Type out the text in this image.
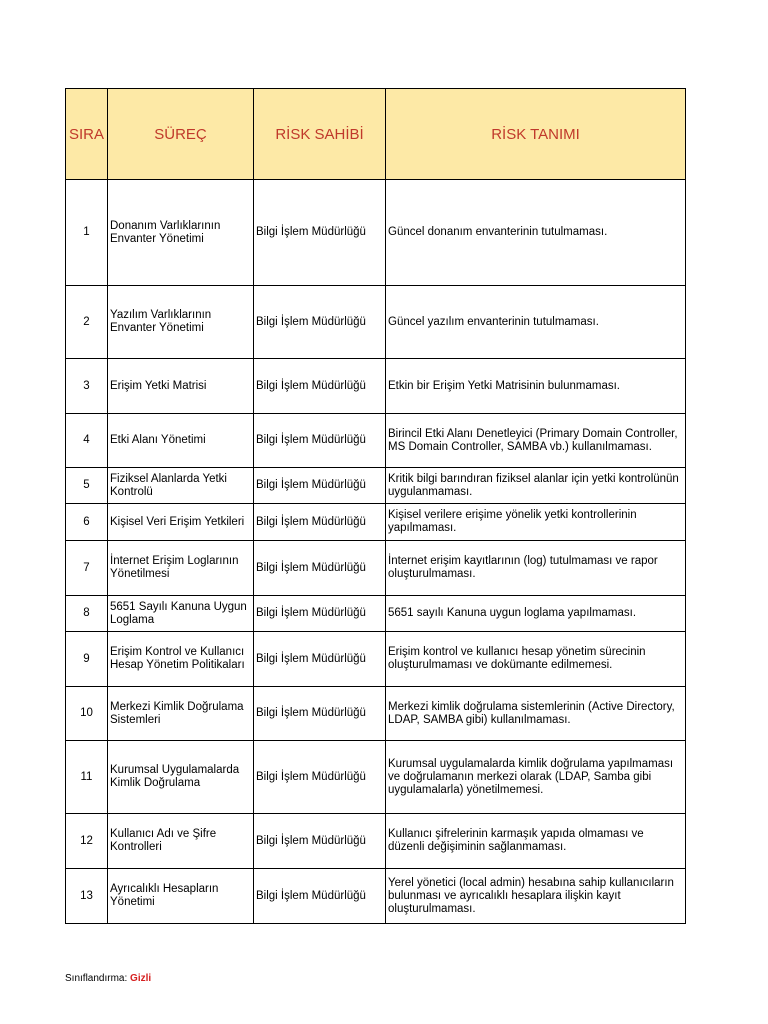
SIRA	SÜREÇ	RİSK SAHİBİ	RİSK TANIMI
1	Donanım Varlıklarının Envanter Yönetimi	Bilgi İşlem Müdürlüğü	Güncel donanım envanterinin tutulmaması.
2	Yazılım Varlıklarının Envanter Yönetimi	Bilgi İşlem Müdürlüğü	Güncel yazılım envanterinin tutulmaması.
3	Erişim Yetki Matrisi	Bilgi İşlem Müdürlüğü	Etkin bir Erişim Yetki Matrisinin bulunmaması.
4	Etki Alanı Yönetimi	Bilgi İşlem Müdürlüğü	Birincil Etki Alanı Denetleyici (Primary Domain Controller, MS Domain Controller, SAMBA vb.) kullanılmaması.
5	Fiziksel Alanlarda Yetki Kontrolü	Bilgi İşlem Müdürlüğü	Kritik bilgi barındıran fiziksel alanlar için yetki kontrolünün uygulanmaması.
6	Kişisel Veri Erişim Yetkileri	Bilgi İşlem Müdürlüğü	Kişisel verilere erişime yönelik yetki kontrollerinin yapılmaması.
7	İnternet Erişim Loglarının Yönetilmesi	Bilgi İşlem Müdürlüğü	İnternet erişim kayıtlarının (log) tutulmaması ve rapor oluşturulmaması.
8	5651 Sayılı Kanuna Uygun Loglama	Bilgi İşlem Müdürlüğü	5651 sayılı Kanuna uygun loglama yapılmaması.
9	Erişim Kontrol ve Kullanıcı Hesap Yönetim Politikaları	Bilgi İşlem Müdürlüğü	Erişim kontrol ve kullanıcı hesap yönetim sürecinin oluşturulmaması ve dokümante edilmemesi.
10	Merkezi Kimlik Doğrulama Sistemleri	Bilgi İşlem Müdürlüğü	Merkezi kimlik doğrulama sistemlerinin (Active Directory, LDAP, SAMBA gibi) kullanılmaması.
11	Kurumsal Uygulamalarda Kimlik Doğrulama	Bilgi İşlem Müdürlüğü	Kurumsal uygulamalarda kimlik doğrulama yapılmaması ve doğrulamanın merkezi olarak (LDAP, Samba gibi uygulamalarla) yönetilmemesi.
12	Kullanıcı Adı ve Şifre Kontrolleri	Bilgi İşlem Müdürlüğü	Kullanıcı şifrelerinin karmaşık yapıda olmaması ve düzenli değişiminin sağlanmaması.
13	Ayrıcalıklı Hesapların Yönetimi	Bilgi İşlem Müdürlüğü	Yerel yönetici (local admin) hesabına sahip kullanıcıların bulunması ve ayrıcalıklı hesaplara ilişkin kayıt oluşturulmaması.
Sınıflandırma: Gizli
